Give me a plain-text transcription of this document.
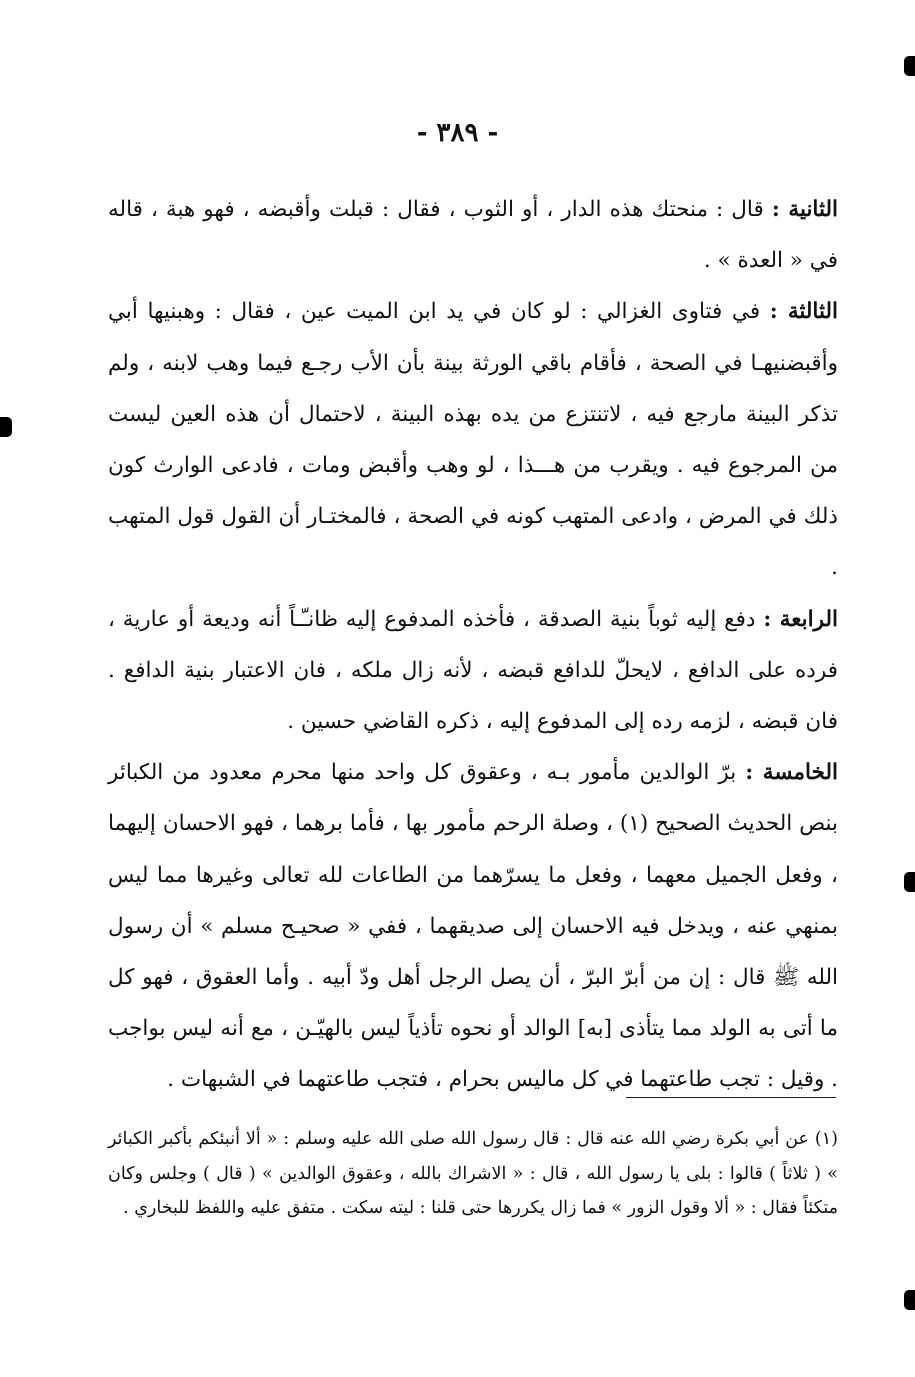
- ٣٨٩ -

الثانية : قال : منحتك هذه الدار ، أو الثوب ، فقال : قبلت وأقبضه ، فهو هبة ، قاله في « العدة » .

الثالثة : في فتاوى الغزالي : لو كان في يد ابن الميت عين ، فقال : وهبنيها أبي وأقبضنيهـا في الصحة ، فأقام باقي الورثة بينة بأن الأب رجـع فيما وهب لابنه ، ولم تذكر البينة مارجع فيه ، لاتنتزع من يده بهذه البينة ، لاحتمال أن هذه العين ليست من المرجوع فيه . ويقرب من هـــذا ، لو وهب وأقبض ومات ، فادعى الوارث كون ذلك في المرض ، وادعى المتهب كونه في الصحة ، فالمختـار أن القول قول المتهب .

الرابعة : دفع إليه ثوباً بنية الصدقة ، فأخذه المدفوع إليه ظانـّـاً أنه وديعة أو عارية ، فرده على الدافع ، لايحلّ للدافع قبضه ، لأنه زال ملكه ، فان الاعتبار بنية الدافع . فان قبضه ، لزمه رده إلى المدفوع إليه ، ذكره القاضي حسين .

الخامسة : برّ الوالدين مأمور بـه ، وعقوق كل واحد منها محرم معدود من الكبائر بنص الحديث الصحيح (١) ، وصلة الرحم مأمور بها ، فأما برهما ، فهو الاحسان إليهما ، وفعل الجميل معهما ، وفعل ما يسرّهما من الطاعات لله تعالى وغيرها مما ليس بمنهي عنه ، ويدخل فيه الاحسان إلى صديقهما ، ففي « صحيـح مسلم » أن رسول الله ﷺ قال : إن من أبرّ البرّ ، أن يصل الرجل أهل ودّ أبيه . وأما العقوق ، فهو كل ما أتى به الولد مما يتأذى [به] الوالد أو نحوه تأذياً ليس بالهيّـن ، مع أنه ليس بواجب . وقيل : تجب طاعتهما في كل ماليس بحرام ، فتجب طاعتهما في الشبهات .

(١) عن أبي بكرة رضي الله عنه قال : قال رسول الله صلى الله عليه وسلم : « ألا أنبئكم بأكبر الكبائر » ( ثلاثاً ) قالوا : بلى يا رسول الله ، قال : « الاشراك بالله ، وعقوق الوالدين » ( قال ) وجلس وكان متكئاً فقال : « ألا وقول الزور » فما زال يكررها حتى قلنا : ليته سكت . متفق عليه واللفظ للبخاري .
